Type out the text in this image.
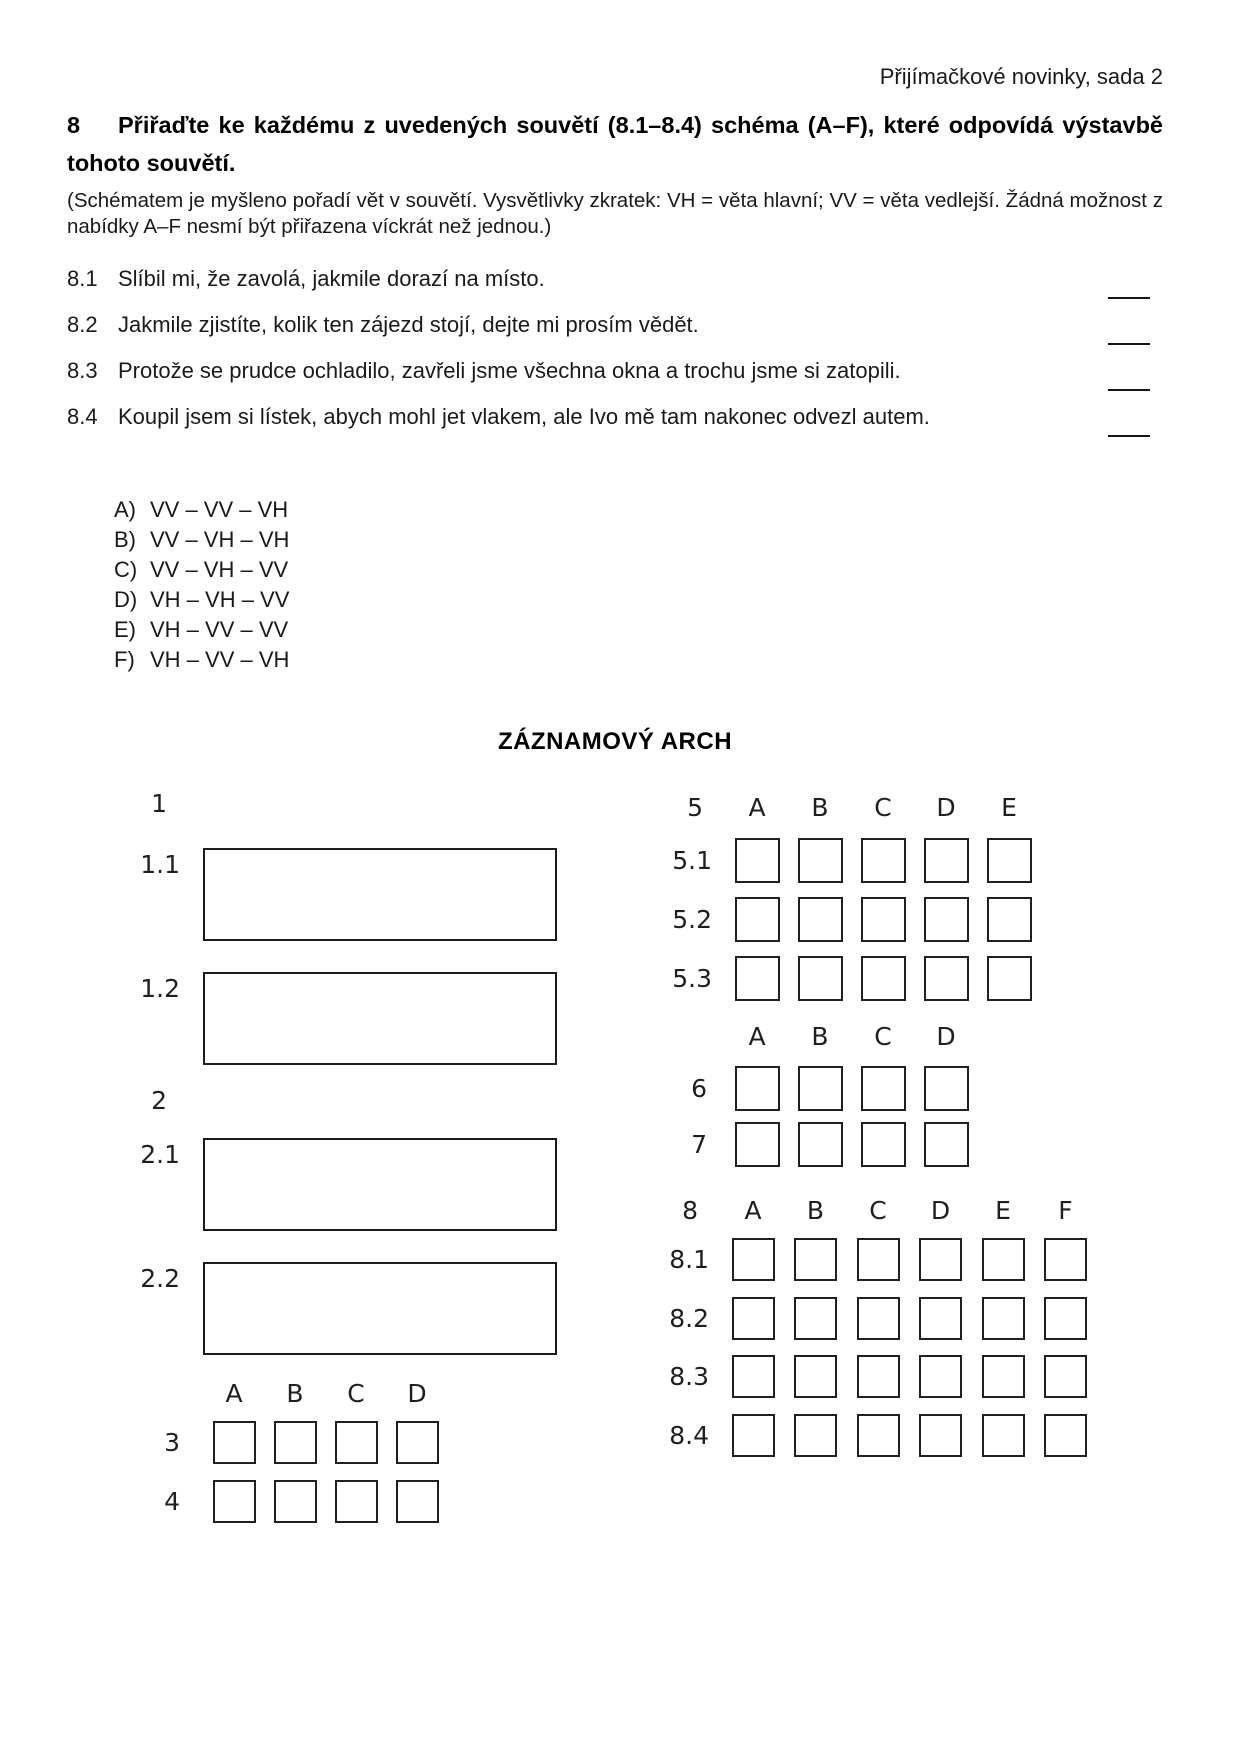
Přijímačkové novinky, sada 2

8 Přiřaďte ke každému z uvedených souvětí (8.1–8.4) schéma (A–F), které odpovídá výstavbě tohoto souvětí.

(Schématem je myšleno pořadí vět v souvětí. Vysvětlivky zkratek: VH = věta hlavní; VV = věta vedlejší. Žádná možnost z nabídky A–F nesmí být přiřazena víckrát než jednou.)

8.1 Slíbil mi, že zavolá, jakmile dorazí na místo.
8.2 Jakmile zjistíte, kolik ten zájezd stojí, dejte mi prosím vědět.
8.3 Protože se prudce ochladilo, zavřeli jsme všechna okna a trochu jsme si zatopili.
8.4 Koupil jsem si lístek, abych mohl jet vlakem, ale Ivo mě tam nakonec odvezl autem.
A) VV – VV – VH
B) VV – VH – VH
C) VV – VH – VV
D) VH – VH – VV
E) VH – VV – VV
F) VH – VV – VH
ZÁZNAMOVÝ ARCH
1
1.1
1.2
2
2.1
2.2
A	B	C	D
3
4
5	A	B	C	D	E
5.1
5.2
5.3
A	B	C	D
6
7
8	A	B	C	D	E	F
8.1
8.2
8.3
8.4
